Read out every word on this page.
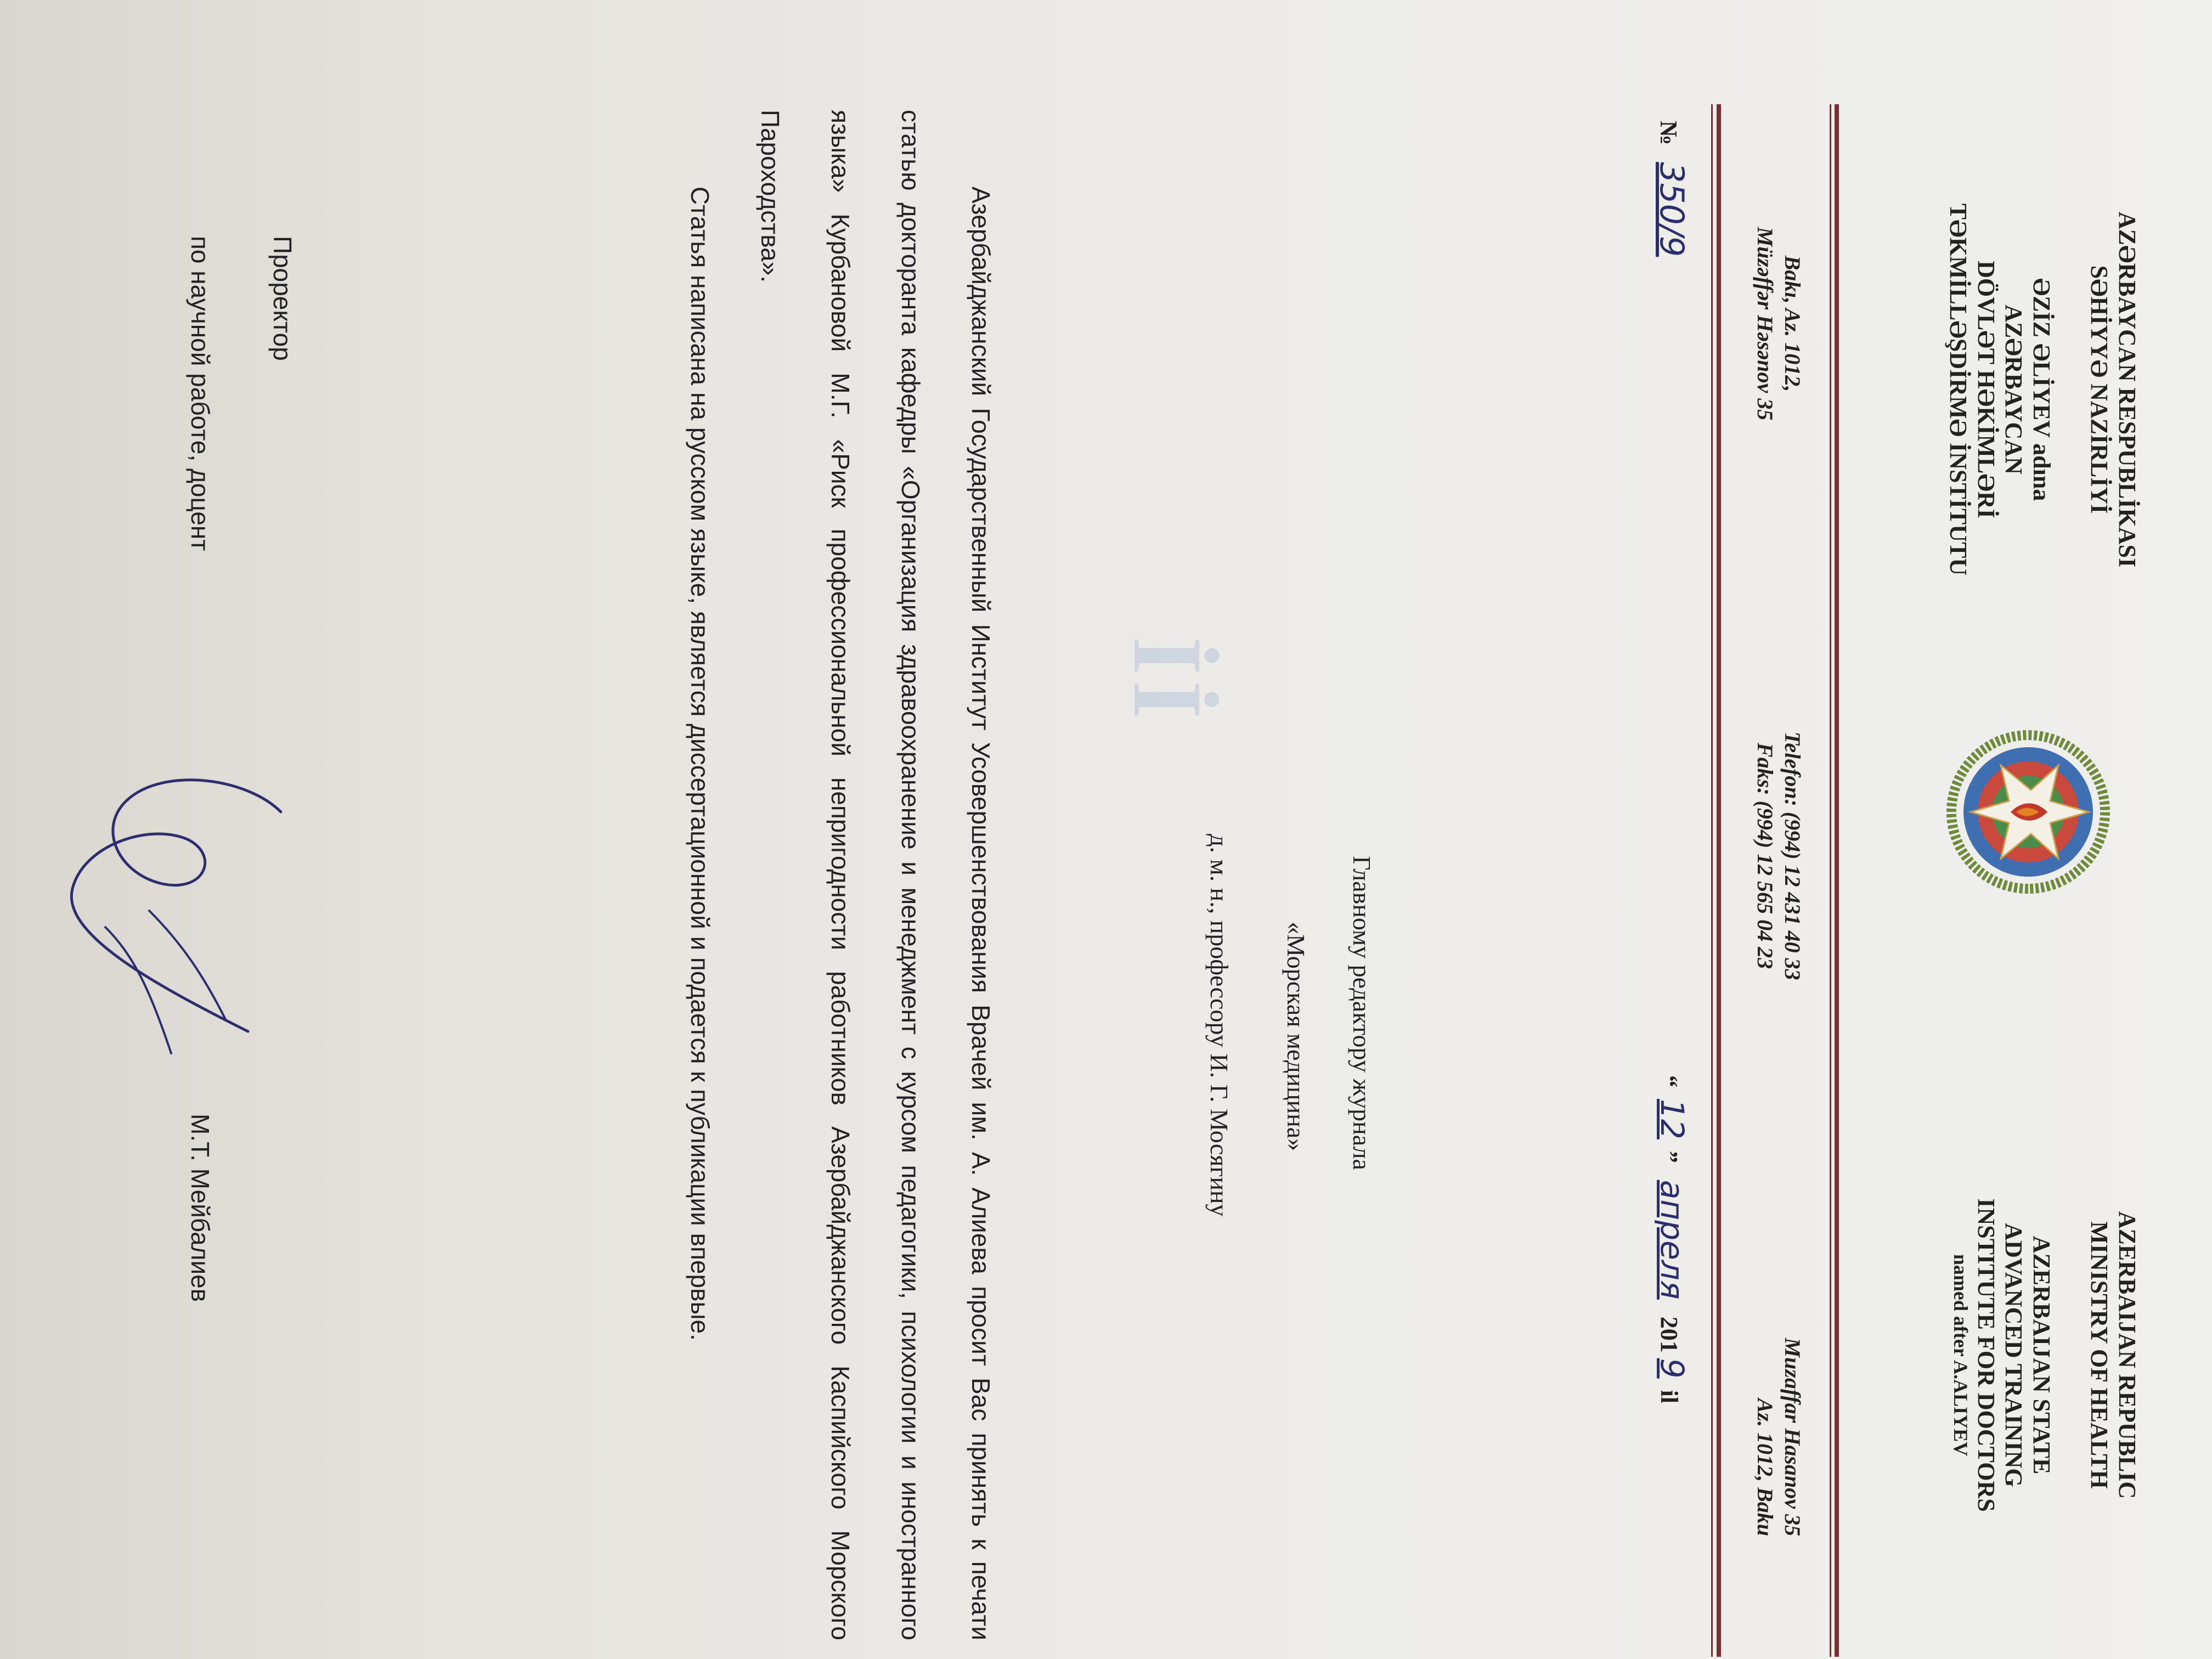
AZƏRBAYCAN RESPUBLİKASI
SƏHİYYƏ NAZİRLİYİ
ƏZİZ ƏLİYEV adına
AZƏRBAYCAN
DÖVLƏT HƏKİMLƏRİ
TƏKMİLLƏŞDİRMƏ İNSTİTUTU
AZERBAIJAN REPUBLIC
MINISTRY OF HEALTH
AZERBAIJAN STATE
ADVANCED TRAINING
INSTITUTE FOR DOCTORS
named after A.ALIYEV
Bakı, Az. 1012,
Müzəffər Həsənov 35
Telefon: (994) 12 431 40 33
Faks: (994) 12 565 04 23
Muzaffar Hasanov 35
Az. 1012, Baku
№ 350/9
“ 12 ” апреля 2019 il
İİ
Главному редактору журнала
«Морская медицина»
д. м. н., профессору И. Г. Мосягину

Азербайджанский Государственный Институт Усовершенствования Врачей им. А. Алиева просит Вас принять к печати статью докторанта кафедры «Организация здравоохранение и менеджмент с курсом педагогики, психологии и иностранного языка» Курбановой М.Г. «Риск профессиональной непригодности работников Азербайджанского Каспийского Морского Пароходства».

Статья написана на русском языке, является диссертационной и подается к публикации впервые.

Проректор
по научной работе, доцент
М.Т. Мейбалиев
